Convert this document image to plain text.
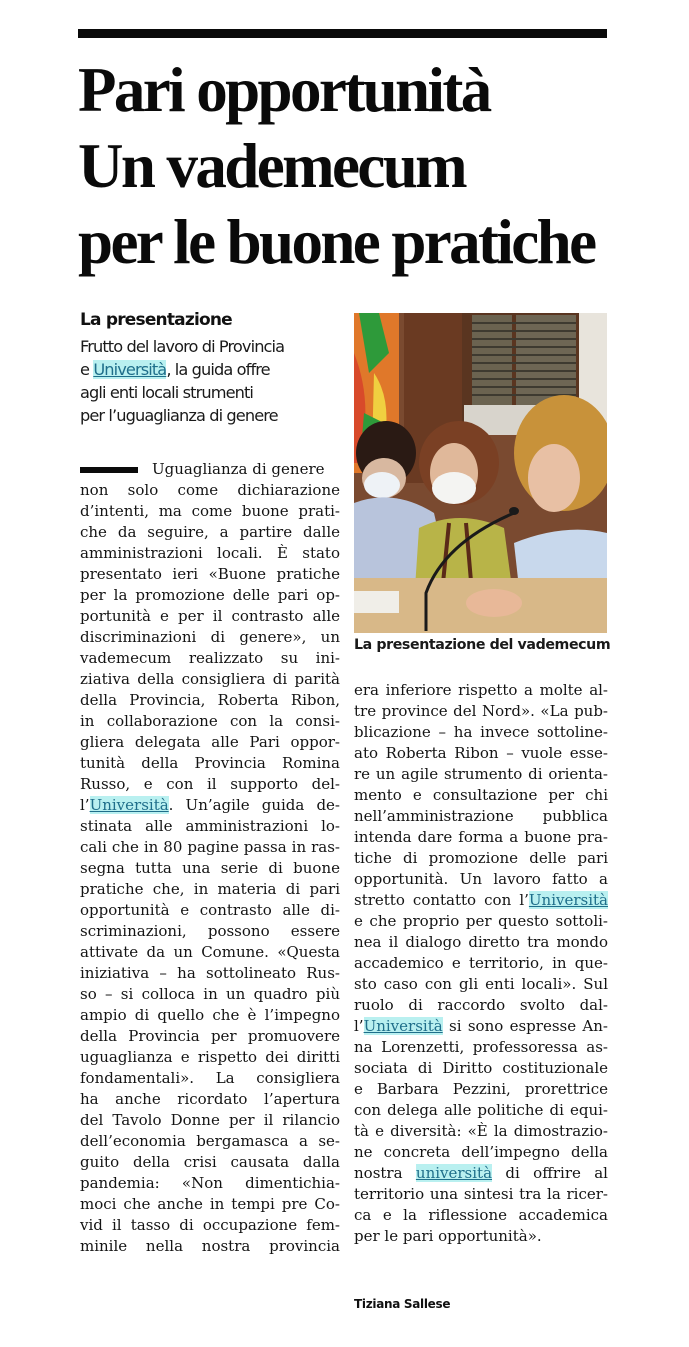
Pari opportunità
Un vademecum
per le buone pratiche
La presentazione
Frutto del lavoro di Provincia
e Università, la guida offre
agli enti locali strumenti
per l’uguaglianza di genere
La presentazione del vademecum
Uguaglianza di genere
non solo come dichiarazione
d’intenti, ma come buone prati-
che da seguire, a partire dalle
amministrazioni locali. È stato
presentato ieri «Buone pratiche
per la promozione delle pari op-
portunità e per il contrasto alle
discriminazioni di genere», un
vademecum realizzato su ini-
ziativa della consigliera di parità
della Provincia, Roberta Ribon,
in collaborazione con la consi-
gliera delegata alle Pari oppor-
tunità della Provincia Romina
Russo, e con il supporto del-
l’Università. Un’agile guida de-
stinata alle amministrazioni lo-
cali che in 80 pagine passa in ras-
segna tutta una serie di buone
pratiche che, in materia di pari
opportunità e contrasto alle di-
scriminazioni, possono essere
attivate da un Comune. «Questa
iniziativa – ha sottolineato Rus-
so – si colloca in un quadro più
ampio di quello che è l’impegno
della Provincia per promuovere
uguaglianza e rispetto dei diritti
fondamentali». La consigliera
ha anche ricordato l’apertura
del Tavolo Donne per il rilancio
dell’economia bergamasca a se-
guito della crisi causata dalla
pandemia: «Non dimentichia-
moci che anche in tempi pre Co-
vid il tasso di occupazione fem-
minile nella nostra provincia
era inferiore rispetto a molte al-
tre province del Nord». «La pub-
blicazione – ha invece sottoline-
ato Roberta Ribon – vuole esse-
re un agile strumento di orienta-
mento e consultazione per chi
nell’amministrazione pubblica
intenda dare forma a buone pra-
tiche di promozione delle pari
opportunità. Un lavoro fatto a
stretto contatto con l’Università
e che proprio per questo sottoli-
nea il dialogo diretto tra mondo
accademico e territorio, in que-
sto caso con gli enti locali». Sul
ruolo di raccordo svolto dal-
l’Università si sono espresse An-
na Lorenzetti, professoressa as-
sociata di Diritto costituzionale
e Barbara Pezzini, prorettrice
con delega alle politiche di equi-
tà e diversità: «È la dimostrazio-
ne concreta dell’impegno della
nostra università di offrire al
territorio una sintesi tra la ricer-
ca e la riflessione accademica
per le pari opportunità».
Tiziana Sallese
